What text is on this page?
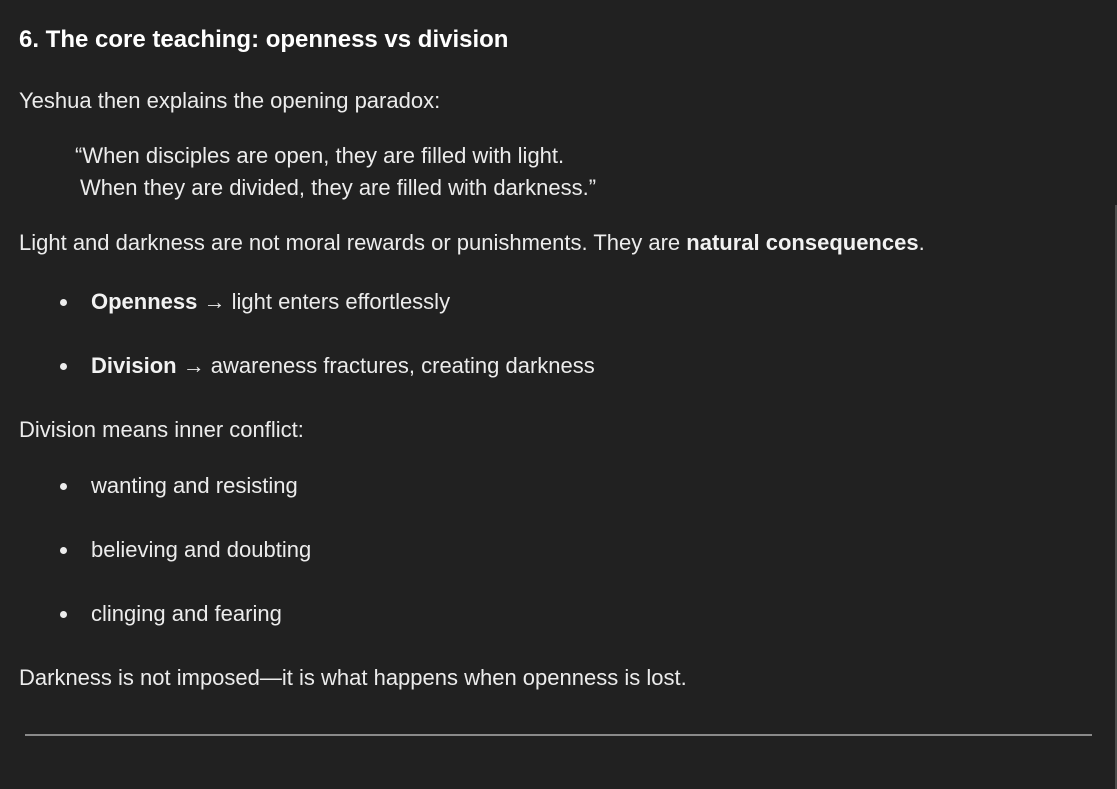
6. The core teaching: openness vs division

Yeshua then explains the opening paradox:

“When disciples are open, they are filled with light.
When they are divided, they are filled with darkness.”

Light and darkness are not moral rewards or punishments. They are natural consequences.

Openness → light enters effortlessly
Division → awareness fractures, creating darkness

Division means inner conflict:

wanting and resisting
believing and doubting
clinging and fearing

Darkness is not imposed—it is what happens when openness is lost.
